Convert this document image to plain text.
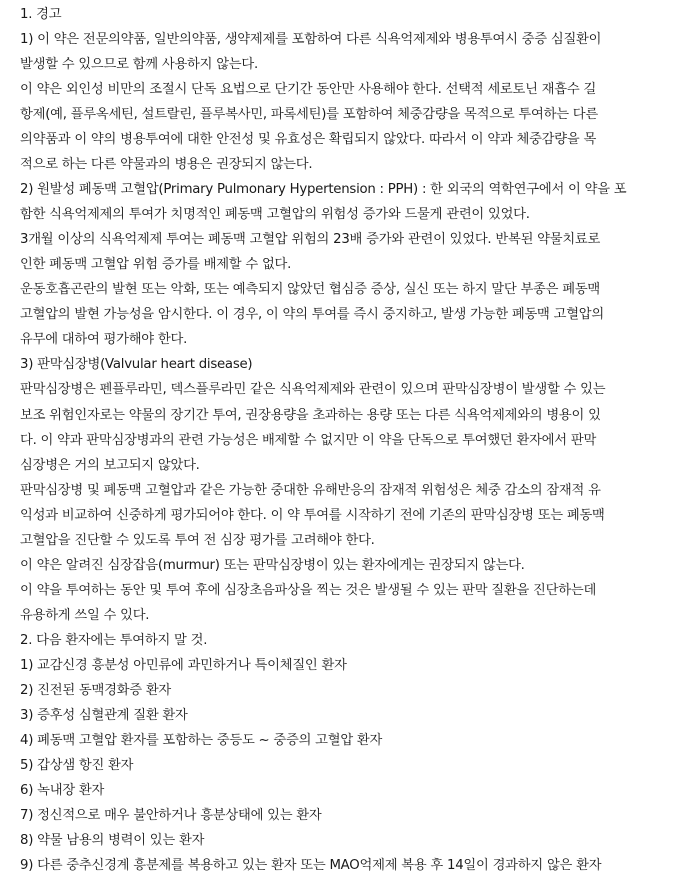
1. 경고
1) 이 약은 전문의약품, 일반의약품, 생약제제를 포함하여 다른 식욕억제제와 병용투여시 중증 심질환이
발생할 수 있으므로 함께 사용하지 않는다.
이 약은 외인성 비만의 조절시 단독 요법으로 단기간 동안만 사용해야 한다. 선택적 세로토닌 재흡수 길
항제(예, 플루옥세틴, 설트랄린, 플루복사민, 파록세틴)를 포함하여 체중감량을 목적으로 투여하는 다른
의약품과 이 약의 병용투여에 대한 안전성 및 유효성은 확립되지 않았다. 따라서 이 약과 체중감량을 목
적으로 하는 다른 약물과의 병용은 권장되지 않는다.
2) 원발성 폐동맥 고혈압(Primary Pulmonary Hypertension : PPH) : 한 외국의 역학연구에서 이 약을 포
함한 식욕억제제의 투여가 치명적인 폐동맥 고혈압의 위험성 증가와 드물게 관련이 있었다.
3개월 이상의 식욕억제제 투여는 폐동맥 고혈압 위험의 23배 증가와 관련이 있었다. 반복된 약물치료로
인한 폐동맥 고혈압 위험 증가를 배제할 수 없다.
운동호흡곤란의 발현 또는 악화, 또는 예측되지 않았던 협심증 증상, 실신 또는 하지 말단 부종은 폐동맥
고혈압의 발현 가능성을 암시한다. 이 경우, 이 약의 투여를 즉시 중지하고, 발생 가능한 폐동맥 고혈압의
유무에 대하여 평가해야 한다.
3) 판막심장병(Valvular heart disease)
판막심장병은 펜플루라민, 덱스플루라민 같은 식욕억제제와 관련이 있으며 판막심장병이 발생할 수 있는
보조 위험인자로는 약물의 장기간 투여, 권장용량을 초과하는 용량 또는 다른 식욕억제제와의 병용이 있
다. 이 약과 판막심장병과의 관련 가능성은 배제할 수 없지만 이 약을 단독으로 투여했던 환자에서 판막
심장병은 거의 보고되지 않았다.
판막심장병 및 폐동맥 고혈압과 같은 가능한 중대한 유해반응의 잠재적 위험성은 체중 감소의 잠재적 유
익성과 비교하여 신중하게 평가되어야 한다. 이 약 투여를 시작하기 전에 기존의 판막심장병 또는 폐동맥
고혈압을 진단할 수 있도록 투여 전 심장 평가를 고려해야 한다.
이 약은 알려진 심장잡음(murmur) 또는 판막심장병이 있는 환자에게는 권장되지 않는다.
이 약을 투여하는 동안 및 투여 후에 심장초음파상을 찍는 것은 발생될 수 있는 판막 질환을 진단하는데
유용하게 쓰일 수 있다.
2. 다음 환자에는 투여하지 말 것.
1) 교감신경 흥분성 아민류에 과민하거나 특이체질인 환자
2) 진전된 동맥경화증 환자
3) 증후성 심혈관계 질환 환자
4) 폐동맥 고혈압 환자를 포함하는 중등도 ~ 중증의 고혈압 환자
5) 갑상샘 항진 환자
6) 녹내장 환자
7) 정신적으로 매우 불안하거나 흥분상태에 있는 환자
8) 약물 남용의 병력이 있는 환자
9) 다른 중추신경계 흥분제를 복용하고 있는 환자 또는 MAO억제제 복용 후 14일이 경과하지 않은 환자
